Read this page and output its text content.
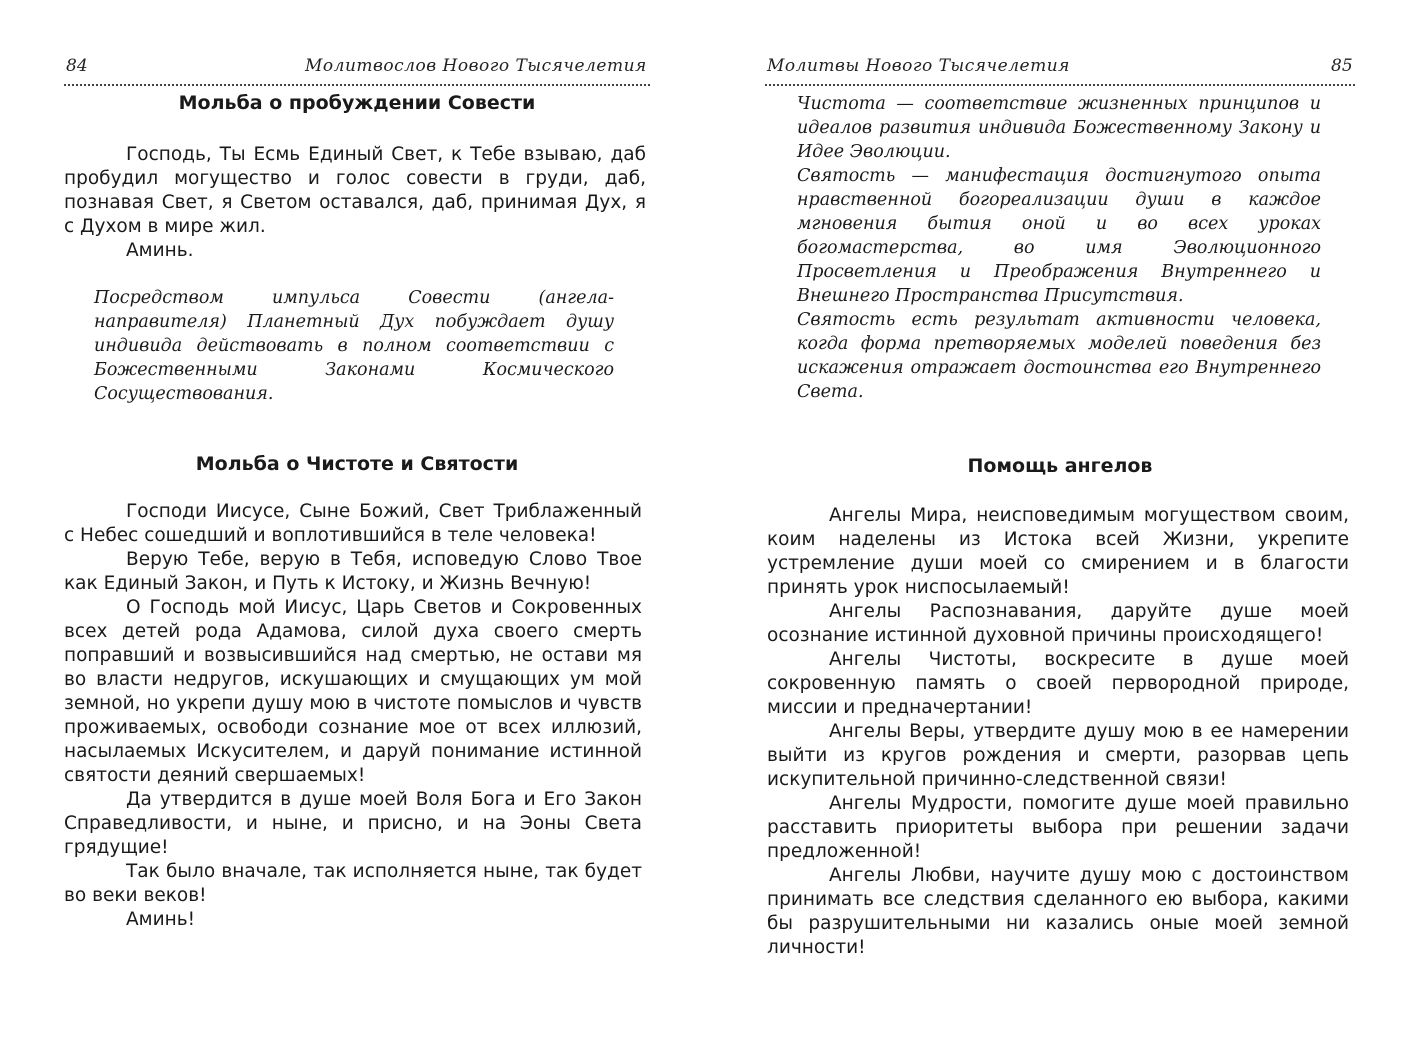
84	Молитвослов Нового Тысячелетия
Мольба о пробуждении Совести

Господь, Ты Есмь Единый Свет, к Тебе взываю, даб пробудил могущество и голос совести в груди, даб, познавая Свет, я Светом оставался, даб, принимая Дух, я с Духом в мире жил.

Аминь.

Посредством импульса Совести (ангела-направителя) Планетный Дух побуждает душу индивида действовать в полном соответствии с Божественными Законами Космического Сосуществования.

Мольба о Чистоте и Святости

Господи Иисусе, Сыне Божий, Свет Триблаженный с Небес сошедший и воплотившийся в теле человека!

Верую Тебе, верую в Тебя, исповедую Слово Твое как Единый Закон, и Путь к Истоку, и Жизнь Вечную!

О Господь мой Иисус, Царь Светов и Сокровенных всех детей рода Адамова, силой духа своего смерть поправший и возвысившийся над смертью, не остави мя во власти недругов, искушающих и смущающих ум мой земной, но укрепи душу мою в чистоте помыслов и чувств проживаемых, освободи сознание мое от всех иллюзий, насылаемых Искусителем, и даруй понимание истинной святости деяний свершаемых!

Да утвердится в душе моей Воля Бога и Его Закон Справедливости, и ныне, и присно, и на Эоны Света грядущие!

Так было вначале, так исполняется ныне, так будет во веки веков!

Аминь!

Молитвы Нового Тысячелетия	85

Чистота — соответствие жизненных принципов и идеалов развития индивида Божественному Закону и Идее Эволюции.

Святость — манифестация достигнутого опыта нравственной богореализации души в каждое мгновения бытия оной и во всех уроках богомастерства, во имя Эволюционного Просветления и Преображения Внутреннего и Внешнего Пространства Присутствия.

Святость есть результат активности человека, когда форма претворяемых моделей поведения без искажения отражает достоинства его Внутреннего Света.

Помощь ангелов

Ангелы Мира, неисповедимым могуществом своим, коим наделены из Истока всей Жизни, укрепите устремление души моей со смирением и в благости принять урок ниспосылаемый!

Ангелы Распознавания, даруйте душе моей осознание истинной духовной причины происходящего!

Ангелы Чистоты, воскресите в душе моей сокровенную память о своей первородной природе, миссии и предначертании!

Ангелы Веры, утвердите душу мою в ее намерении выйти из кругов рождения и смерти, разорвав цепь искупительной причинно-следственной связи!

Ангелы Мудрости, помогите душе моей правильно расставить приоритеты выбора при решении задачи предложенной!

Ангелы Любви, научите душу мою с достоинством принимать все следствия сделанного ею выбора, какими бы разрушительными ни казались оные моей земной личности!
